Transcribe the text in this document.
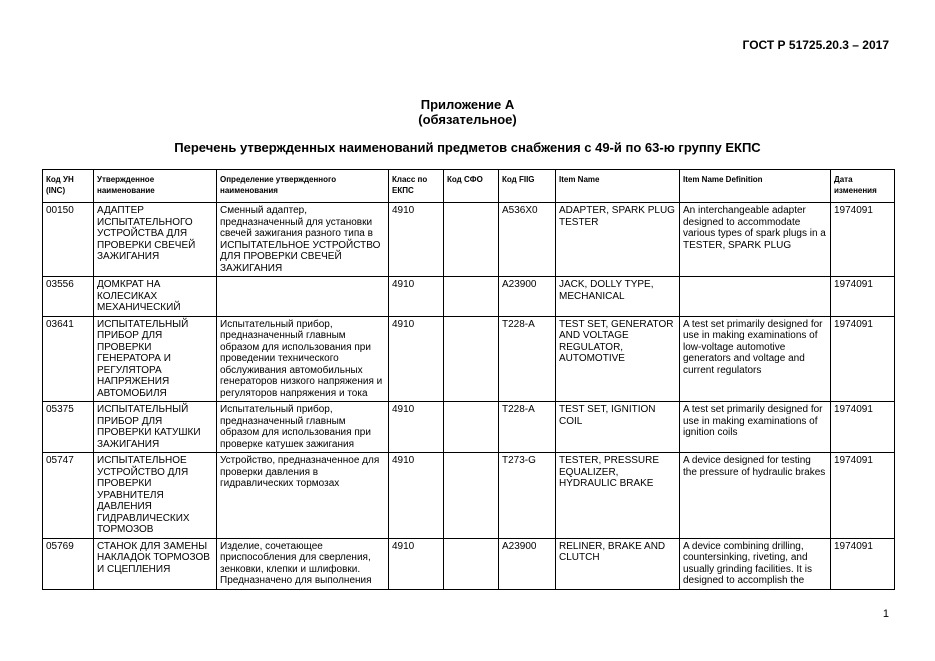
ГОСТ Р 51725.20.3 – 2017
Приложение А
(обязательное)
Перечень утвержденных наименований предметов снабжения с 49-й по 63-ю группу ЕКПС
Код УН (INC)	Утвержденное наименование	Определение утвержденного наименования	Класс по ЕКПС	Код СФО	Код FIIG	Item Name	Item Name Definition	Дата изменения
00150	АДАПТЕР ИСПЫТАТЕЛЬНОГО УСТРОЙСТВА ДЛЯ ПРОВЕРКИ СВЕЧЕЙ ЗАЖИГАНИЯ	Сменный адаптер, предназначенный для установки свечей зажигания разного типа в ИСПЫТАТЕЛЬНОЕ УСТРОЙСТВО ДЛЯ ПРОВЕРКИ СВЕЧЕЙ ЗАЖИГАНИЯ	4910		A536X0	ADAPTER, SPARK PLUG TESTER	An interchangeable adapter designed to accommodate various types of spark plugs in a TESTER, SPARK PLUG	1974091
03556	ДОМКРАТ НА КОЛЕСИКАХ МЕХАНИЧЕСКИЙ		4910		A23900	JACK, DOLLY TYPE, MECHANICAL		1974091
03641	ИСПЫТАТЕЛЬНЫЙ ПРИБОР ДЛЯ ПРОВЕРКИ ГЕНЕРАТОРА И РЕГУЛЯТОРА НАПРЯЖЕНИЯ АВТОМОБИЛЯ	Испытательный прибор, предназначенный главным образом для использования при проведении технического обслуживания автомобильных генераторов низкого напряжения и регуляторов напряжения и тока	4910		T228-A	TEST SET, GENERATOR AND VOLTAGE REGULATOR, AUTOMOTIVE	A test set primarily designed for use in making examinations of low-voltage automotive generators and voltage and current regulators	1974091
05375	ИСПЫТАТЕЛЬНЫЙ ПРИБОР ДЛЯ ПРОВЕРКИ КАТУШКИ ЗАЖИГАНИЯ	Испытательный прибор, предназначенный главным образом для использования при проверке катушек зажигания	4910		T228-A	TEST SET, IGNITION COIL	A test set primarily designed for use in making examinations of ignition coils	1974091
05747	ИСПЫТАТЕЛЬНОЕ УСТРОЙСТВО ДЛЯ ПРОВЕРКИ УРАВНИТЕЛЯ ДАВЛЕНИЯ ГИДРАВЛИЧЕСКИХ ТОРМОЗОВ	Устройство, предназначенное для проверки давления в гидравлических тормозах	4910		T273-G	TESTER, PRESSURE EQUALIZER, HYDRAULIC BRAKE	A device designed for testing the pressure of hydraulic brakes	1974091
05769	СТАНОК ДЛЯ ЗАМЕНЫ НАКЛАДОК ТОРМОЗОВ И СЦЕПЛЕНИЯ	Изделие, сочетающее приспособления для сверления, зенковки, клепки и шлифовки. Предназначено для выполнения	4910		A23900	RELINER, BRAKE AND CLUTCH	A device combining drilling, countersinking, riveting, and usually grinding facilities. It is designed to accomplish the	1974091
1
